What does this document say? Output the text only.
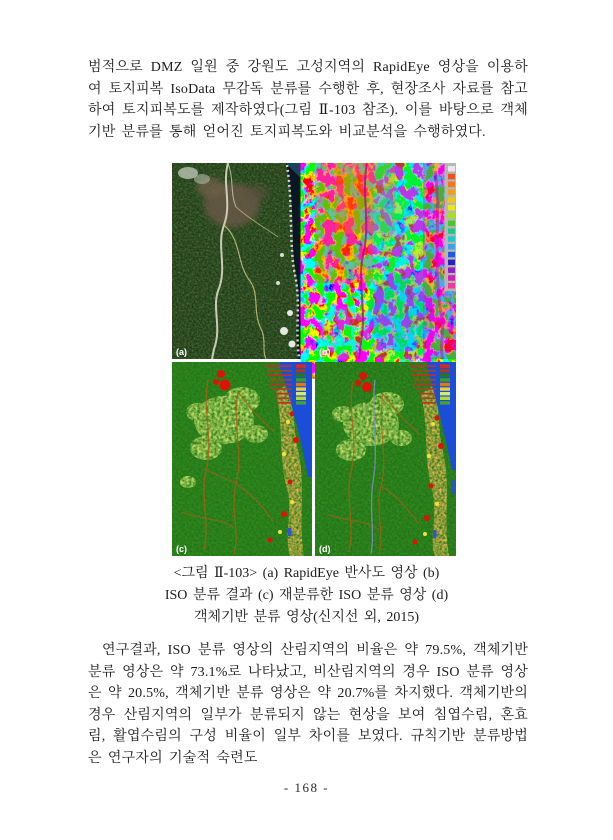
범적으로 DMZ 일원 중 강원도 고성지역의 RapidEye 영상을 이용하여 토지피복 IsoData 무감독 분류를 수행한 후, 현장조사 자료를 참고하여 토지피복도를 제작하였다(그림 Ⅱ-103 참조). 이를 바탕으로 객체기반 분류를 통해 얻어진 토지피복도와 비교분석을 수행하였다.

(a)	(b)
(c)	(d)
<그림 Ⅱ-103> (a) RapidEye 반사도 영상 (b)
ISO 분류 결과 (c) 재분류한 ISO 분류 영상 (d)
객체기반 분류 영상(신지선 외, 2015)

연구결과, ISO 분류 영상의 산림지역의 비율은 약 79.5%, 객체기반 분류 영상은 약 73.1%로 나타났고, 비산림지역의 경우 ISO 분류 영상은 약 20.5%, 객체기반 분류 영상은 약 20.7%를 차지했다. 객체기반의 경우 산림지역의 일부가 분류되지 않는 현상을 보여 침엽수림, 혼효림, 활엽수림의 구성 비율이 일부 차이를 보였다. 규칙기반 분류방법은 연구자의 기술적 숙련도

- 168 -
